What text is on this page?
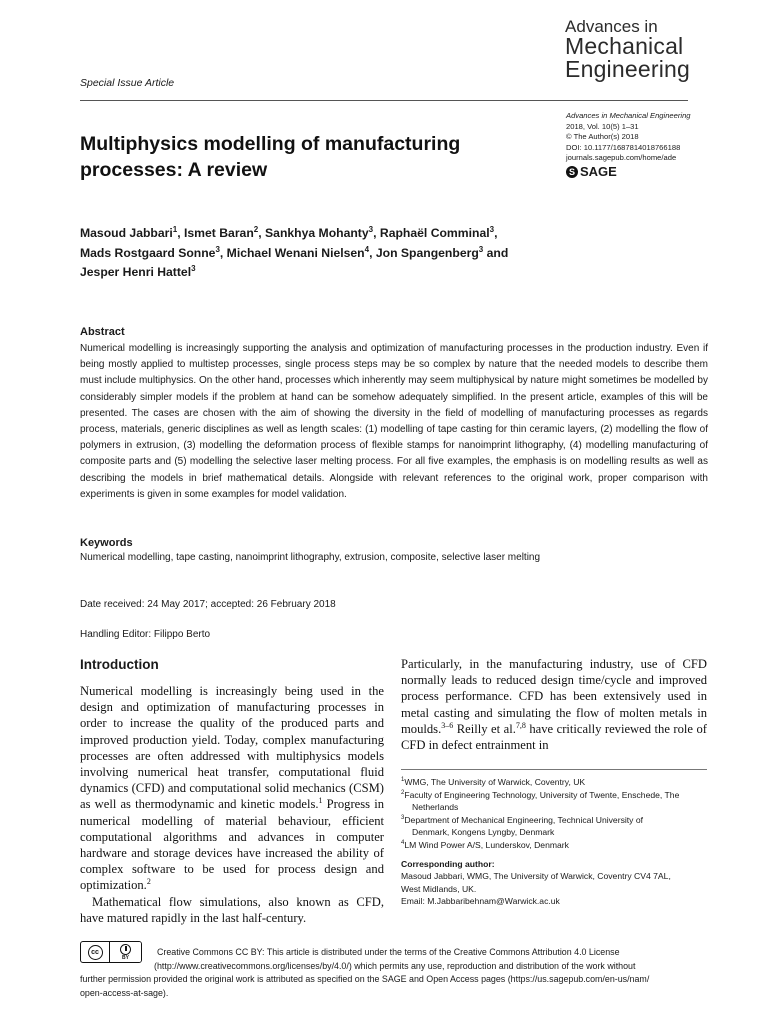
Advances in
Mechanical
Engineering
Special Issue Article
Multiphysics modelling of manufacturing processes: A review
Advances in Mechanical Engineering
2018, Vol. 10(5) 1–31
© The Author(s) 2018
DOI: 10.1177/1687814018766188
journals.sagepub.com/home/ade
S SAGE
Masoud Jabbari$^1$, Ismet Baran$^2$, Sankhya Mohanty$^3$, Raphaël Comminal$^3$,
Mads Rostgaard Sonne$^3$, Michael Wenani Nielsen$^4$, Jon Spangenberg$^3$ and
Jesper Henri Hattel$^3$
Abstract
Numerical modelling is increasingly supporting the analysis and optimization of manufacturing processes in the production industry. Even if being mostly applied to multistep processes, single process steps may be so complex by nature that the needed models to describe them must include multiphysics. On the other hand, processes which inherently may seem multiphysical by nature might sometimes be modelled by considerably simpler models if the problem at hand can be somehow adequately simplified. In the present article, examples of this will be presented. The cases are chosen with the aim of showing the diversity in the field of modelling of manufacturing processes as regards process, materials, generic disciplines as well as length scales: (1) modelling of tape casting for thin ceramic layers, (2) modelling the flow of polymers in extrusion, (3) modelling the deformation process of flexible stamps for nanoimprint lithography, (4) modelling manufacturing of composite parts and (5) modelling the selective laser melting process. For all five examples, the emphasis is on modelling results as well as describing the models in brief mathematical details. Alongside with relevant references to the original work, proper comparison with experiments is given in some examples for model validation.
Keywords
Numerical modelling, tape casting, nanoimprint lithography, extrusion, composite, selective laser melting
Date received: 24 May 2017; accepted: 26 February 2018
Handling Editor: Filippo Berto
Introduction

Numerical modelling is increasingly being used in the design and optimization of manufacturing processes in order to increase the quality of the produced parts and improved production yield. Today, complex manufacturing processes are often addressed with multiphysics models involving numerical heat transfer, computational fluid dynamics (CFD) and computational solid mechanics (CSM) as well as thermodynamic and kinetic models.$^1$ Progress in numerical modelling of material behaviour, efficient computational algorithms and advances in computer hardware and storage devices have increased the ability of complex software to be used for process design and optimization.$^2$

Mathematical flow simulations, also known as CFD, have matured rapidly in the last half-century.

Particularly, in the manufacturing industry, use of CFD normally leads to reduced design time/cycle and improved process performance. CFD has been extensively used in metal casting and simulating the flow of molten metals in moulds.$^{3-6}$ Reilly et al.$^{7,8}$ have critically reviewed the role of CFD in defect entrainment in

$^1$WMG, The University of Warwick, Coventry, UK
$^2$Faculty of Engineering Technology, University of Twente, Enschede, The
Netherlands
$^3$Department of Mechanical Engineering, Technical University of
Denmark, Kongens Lyngby, Denmark
$^4$LM Wind Power A/S, Lunderskov, Denmark
Corresponding author:
Masoud Jabbari, WMG, The University of Warwick, Coventry CV4 7AL,
West Midlands, UK.
Email: M.Jabbaribehnam@Warwick.ac.uk
cc
BY
Creative Commons CC BY: This article is distributed under the terms of the Creative Commons Attribution 4.0 License
(http://www.creativecommons.org/licenses/by/4.0/) which permits any use, reproduction and distribution of the work without
further permission provided the original work is attributed as specified on the SAGE and Open Access pages (https://us.sagepub.com/en-us/nam/
open-access-at-sage).
